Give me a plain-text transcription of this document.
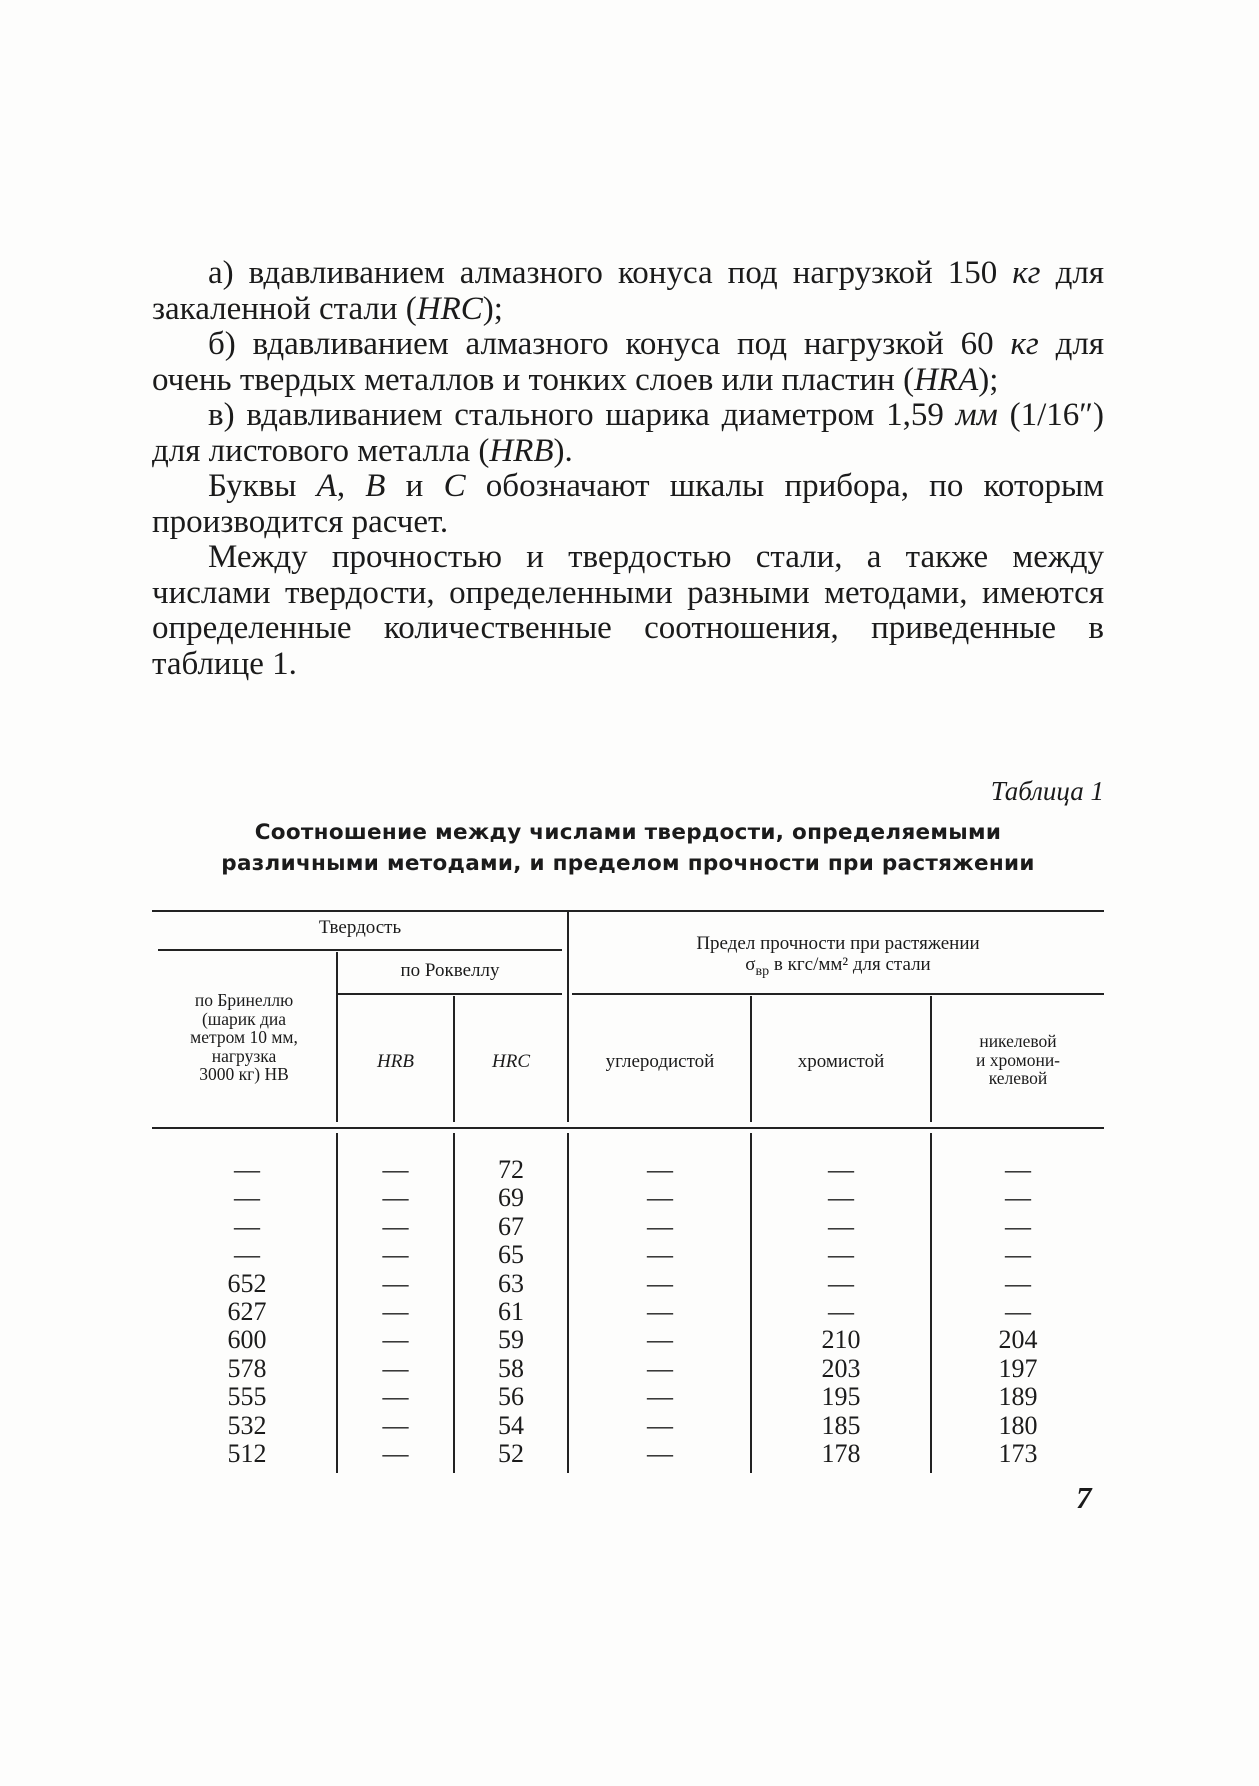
а) вдавливанием алмазного конуса под нагрузкой 150 кг для закаленной стали (HRC);

б) вдавливанием алмазного конуса под нагрузкой 60 кг для очень твердых металлов и тонких слоев или пластин (HRA);

в) вдавливанием стального шарика диаметром 1,59 мм (1/16″) для листового металла (HRB).

Буквы A, B и C обозначают шкалы прибора, по которым производится расчет.

Между прочностью и твердостью стали, а также между числами твердости, определенными разными методами, имеются определенные количественные соотношения, приведенные в таблице 1.

Таблица 1
Соотношение между числами твердости, определяемыми
различными методами, и пределом прочности при растяжении
Твердость
по Роквеллу
по Бринеллю
(шарик диа
метром 10 мм,
нагрузка
3000 кг) HB
HRB	HRC
Предел прочности при растяжении
$\sigma_{вр}$ в кгс/мм² для стали
углеродистой	хромистой
никелевой
и хромони-
келевой
—
—
—
—
652
627
600
578
555
532
512
—
—
—
—
—
—
—
—
—
—
—
72
69
67
65
63
61
59
58
56
54
52
—
—
—
—
—
—
—
—
—
—
—
—
—
—
—
—
—
210
203
195
185
178
—
—
—
—
—
—
204
197
189
180
173
7
